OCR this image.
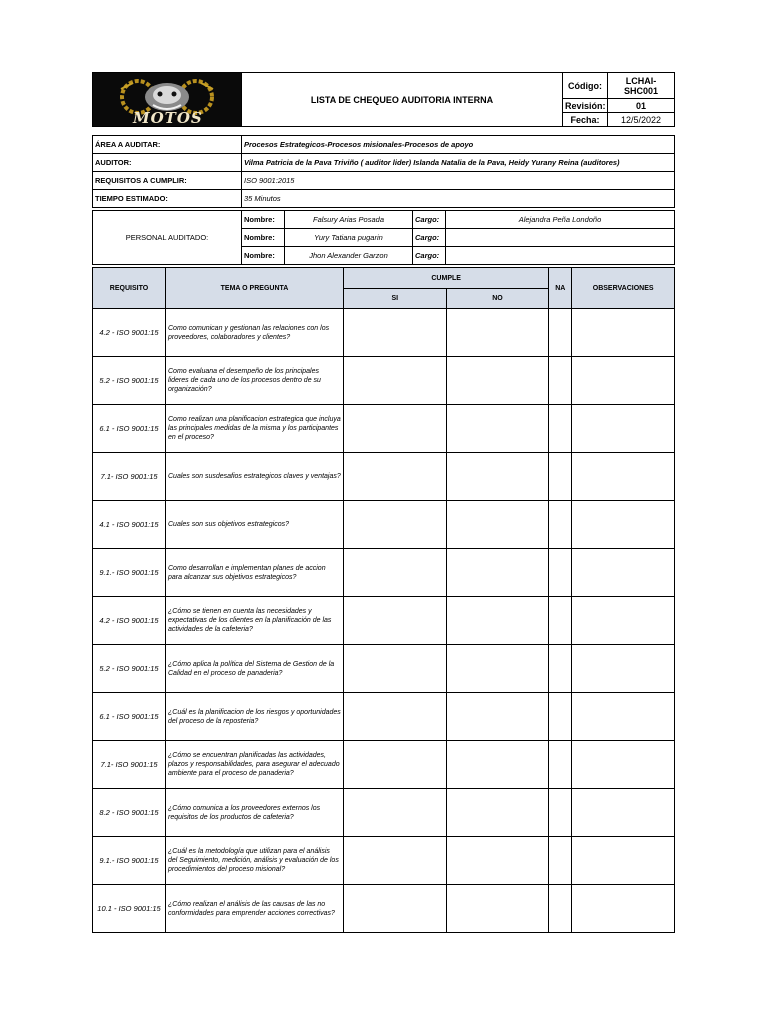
MOTOS	LISTA DE CHEQUEO AUDITORIA INTERNA	Código:	LCHAI-SHC001
		Revisión:	01
		Fecha:	12/5/2022
ÁREA A AUDITAR:	Procesos Estrategicos-Procesos misionales-Procesos de apoyo
AUDITOR:	Vilma Patricia de la Pava Triviño ( auditor lider) Islanda Natalia de la Pava, Heidy Yurany Reina (auditores)
REQUISITOS A CUMPLIR:	ISO 9001:2015
TIEMPO ESTIMADO:	35 Minutos
PERSONAL AUDITADO:	Nombre:	Falsury Arias Posada	Cargo:	Alejandra Peña Londoño
	Nombre:	Yury Tatiana pugarin	Cargo:	
	Nombre:	Jhon Alexander Garzon	Cargo:	
REQUISITO	TEMA O PREGUNTA	CUMPLE		NA	OBSERVACIONES
		SI	NO		
4.2 - ISO 9001:15	Como comunican y gestionan las relaciones con los proveedores, colaboradores y clientes?				
5.2 - ISO 9001:15	Como evaluana el desempeño de los principales lideres de cada uno de los procesos dentro de su organización?				
6.1 - ISO 9001:15	Como realizan una planificacion estrategica que incluya las principales medidas de la misma y los participantes en el proceso?				
7.1- ISO 9001:15	Cuales son susdesafios estrategicos claves y ventajas?				
4.1 - ISO 9001:15	Cuales son sus objetivos estrategicos?				
9.1.- ISO 9001:15	Como desarrollan e implementan planes de accion para alcanzar sus objetivos estrategicos?				
4.2 - ISO 9001:15	¿Cómo se tienen en cuenta las necesidades y expectativas de los clientes en la planificación de las actividades de la cafeteria?				
5.2 - ISO 9001:15	¿Cómo aplica la política del Sistema de Gestion de la Calidad en el proceso de panaderia?				
6.1 - ISO 9001:15	¿Cuál es la planificacion de los riesgos y oportunidades del proceso de la reposteria?				
7.1- ISO 9001:15	¿Cómo se encuentran planificadas las actividades, plazos y responsabilidades, para asegurar el adecuado ambiente para el proceso de panaderia?				
8.2 - ISO 9001:15	¿Cómo comunica a los proveedores externos los requisitos de los productos de cafeteria?				
9.1.- ISO 9001:15	¿Cuál es la metodología que utilizan para el análisis del Seguimiento, medición, análisis y evaluación de los procedimientos del proceso misional?				
10.1 - ISO 9001:15	¿Cómo realizan el análisis de las causas de las no conformidades para emprender acciones correctivas?				
